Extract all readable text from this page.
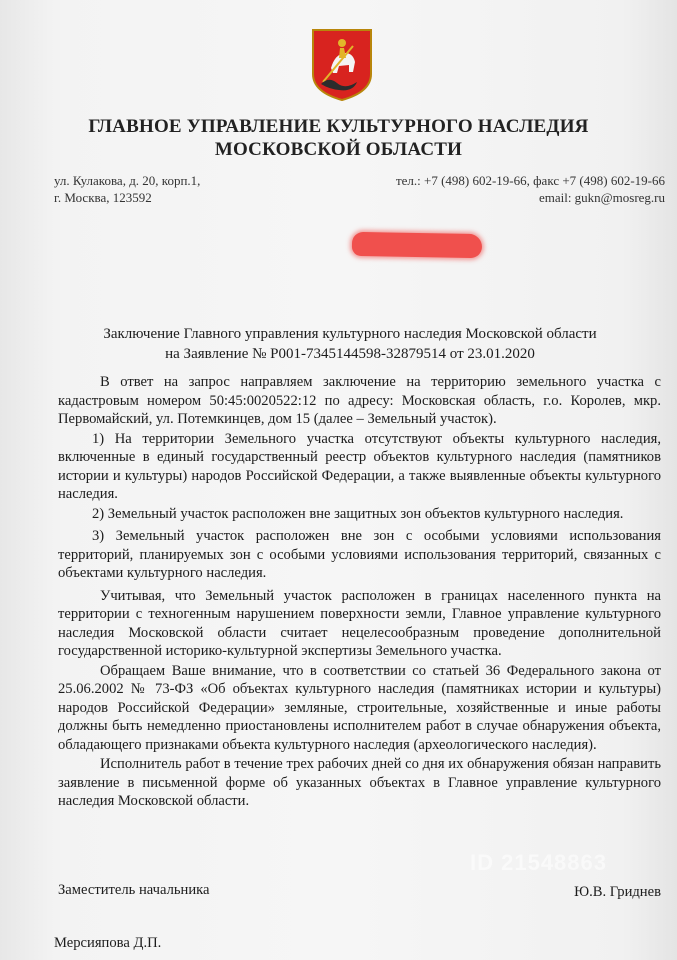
ГЛАВНОЕ УПРАВЛЕНИЕ КУЛЬТУРНОГО НАСЛЕДИЯ
МОСКОВСКОЙ ОБЛАСТИ
ул. Кулакова, д. 20, корп.1,
г. Москва, 123592
тел.: +7 (498) 602-19-66, факс +7 (498) 602-19-66
email: gukn@mosreg.ru
Заключение Главного управления культурного наследия Московской области
на Заявление № P001-7345144598-32879514 от 23.01.2020

В ответ на запрос направляем заключение на территорию земельного участка с кадастровым номером 50:45:0020522:12 по адресу: Московская область, г.о. Королев, мкр. Первомайский, ул. Потемкинцев, дом 15 (далее – Земельный участок).

1) На территории Земельного участка отсутствуют объекты культурного наследия, включенные в единый государственный реестр объектов культурного наследия (памятников истории и культуры) народов Российской Федерации, а также выявленные объекты культурного наследия.

2) Земельный участок расположен вне защитных зон объектов культурного наследия.

3) Земельный участок расположен вне зон с особыми условиями использования территорий, планируемых зон с особыми условиями использования территорий, связанных с объектами культурного наследия.

Учитывая, что Земельный участок расположен в границах населенного пункта на территории с техногенным нарушением поверхности земли, Главное управление культурного наследия Московской области считает нецелесообразным проведение дополнительной государственной историко-культурной экспертизы Земельного участка.

Обращаем Ваше внимание, что в соответствии со статьей 36 Федерального закона от 25.06.2002 № 73-ФЗ «Об объектах культурного наследия (памятниках истории и культуры) народов Российской Федерации» земляные, строительные, хозяйственные и иные работы должны быть немедленно приостановлены исполнителем работ в случае обнаружения объекта, обладающего признаками объекта культурного наследия (археологического наследия).

Исполнитель работ в течение трех рабочих дней со дня их обнаружения обязан направить заявление в письменной форме об указанных объектах в Главное управление культурного наследия Московской области.

Заместитель начальника	Ю.В. Гриднев
Мерсияпова Д.П.
ID 21548863
